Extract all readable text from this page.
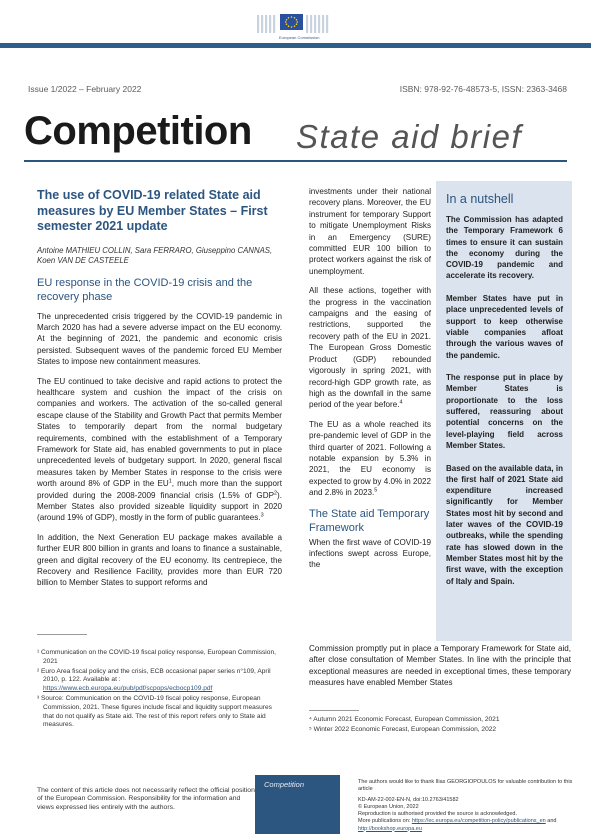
European Commission
Issue 1/2022 – February 2022	ISBN: 978-92-76-48573-5, ISSN: 2363-3468
Competition State aid brief
The use of COVID-19 related State aid measures by EU Member States – First semester 2021 update
Antoine MATHIEU COLLIN, Sara FERRARO, Giuseppino CANNAS, Koen VAN DE CASTEELE
EU response in the COVID-19 crisis and the recovery phase

The unprecedented crisis triggered by the COVID-19 pandemic in March 2020 has had a severe adverse impact on the EU economy. At the beginning of 2021, the pandemic and economic crisis persisted. Subsequent waves of the pandemic forced EU Member States to impose new containment measures.

The EU continued to take decisive and rapid actions to protect the healthcare system and cushion the impact of the crisis on companies and workers. The activation of the so-called general escape clause of the Stability and Growth Pact that permits Member States to temporarily depart from the normal budgetary requirements, combined with the establishment of a Temporary Framework for State aid, has enabled governments to put in place unprecedented levels of budgetary support. In 2020, general fiscal measures taken by Member States in response to the crisis were worth around 8% of GDP in the $EU^1$, much more than the support provided during the 2008-2009 financial crisis (1.5% of GDP$^2$). Member States also provided sizeable liquidity support in 2020 (around 19% of GDP), mostly in the form of public guarantees.$^3$

In addition, the Next Generation EU package makes available a further EUR 800 billion in grants and loans to finance a sustainable, green and digital recovery of the EU economy. Its centrepiece, the Recovery and Resilience Facility, provides more than EUR 720 billion to Member States to support reforms and

investments under their national recovery plans. Moreover, the EU instrument for temporary Support to mitigate Unemployment Risks in an Emergency (SURE) committed EUR 100 billion to protect workers against the risk of unemployment.

All these actions, together with the progress in the vaccination campaigns and the easing of restrictions, supported the recovery path of the EU in 2021. The European Gross Domestic Product (GDP) rebounded vigorously in spring 2021, with record-high GDP growth rate, as high as the downfall in the same period of the year before.$^4$

The EU as a whole reached its pre-pandemic level of GDP in the third quarter of 2021. Following a notable expansion by 5.3% in 2021, the EU economy is expected to grow by 4.0% in 2022 and 2.8% in 2023.$^5$

The State aid Temporary Framework

When the first wave of COVID-19 infections swept across Europe, the

In a nutshell

The Commission has adapted the Temporary Framework 6 times to ensure it can sustain the economy during the COVID-19 pandemic and accelerate its recovery.

Member States have put in place unprecedented levels of support to keep otherwise viable companies afloat through the various waves of the pandemic.

The response put in place by Member States is proportionate to the loss suffered, reassuring about potential concerns on the level-playing field across Member States.

Based on the available data, in the first half of 2021 State aid expenditure increased significantly for Member States most hit by second and later waves of the COVID-19 outbreaks, while the spending rate has slowed down in the Member States most hit by the first wave, with the exception of Italy and Spain.

Commission promptly put in place a Temporary Framework for State aid, after close consultation of Member States. In line with the principle that exceptional measures are needed in exceptional times, these temporary measures have enabled Member States
¹ Communication on the COVID-19 fiscal policy response, European Commission, 2021
² Euro Area fiscal policy and the crisis, ECB occasional paper series n°109, April 2010, p. 122. Available at :
https://www.ecb.europa.eu/pub/pdf/scpops/ecbocp109.pdf
³ Source: Communication on the COVID-19 fiscal policy response, European Commission, 2021. These figures include fiscal and liquidity support measures that do not qualify as State aid. The rest of this report refers only to State aid measures.
⁴ Autumn 2021 Economic Forecast, European Commission, 2021
⁵ Winter 2022 Economic Forecast, European Commission, 2022
The content of this article does not necessarily reflect the official position of the European Commission. Responsibility for the information and views expressed lies entirely with the authors.
Competition	The authors would like to thank Ilias GEORGIOPOULOS for valuable contribution to this article
KD-AM-22-002-EN-N, doi:10.2763/41582
© European Union, 2022
Reproduction is authorised provided the source is acknowledged.
More publications on: https://ec.europa.eu/competition-policy/publications_en and http://bookshop.europa.eu
